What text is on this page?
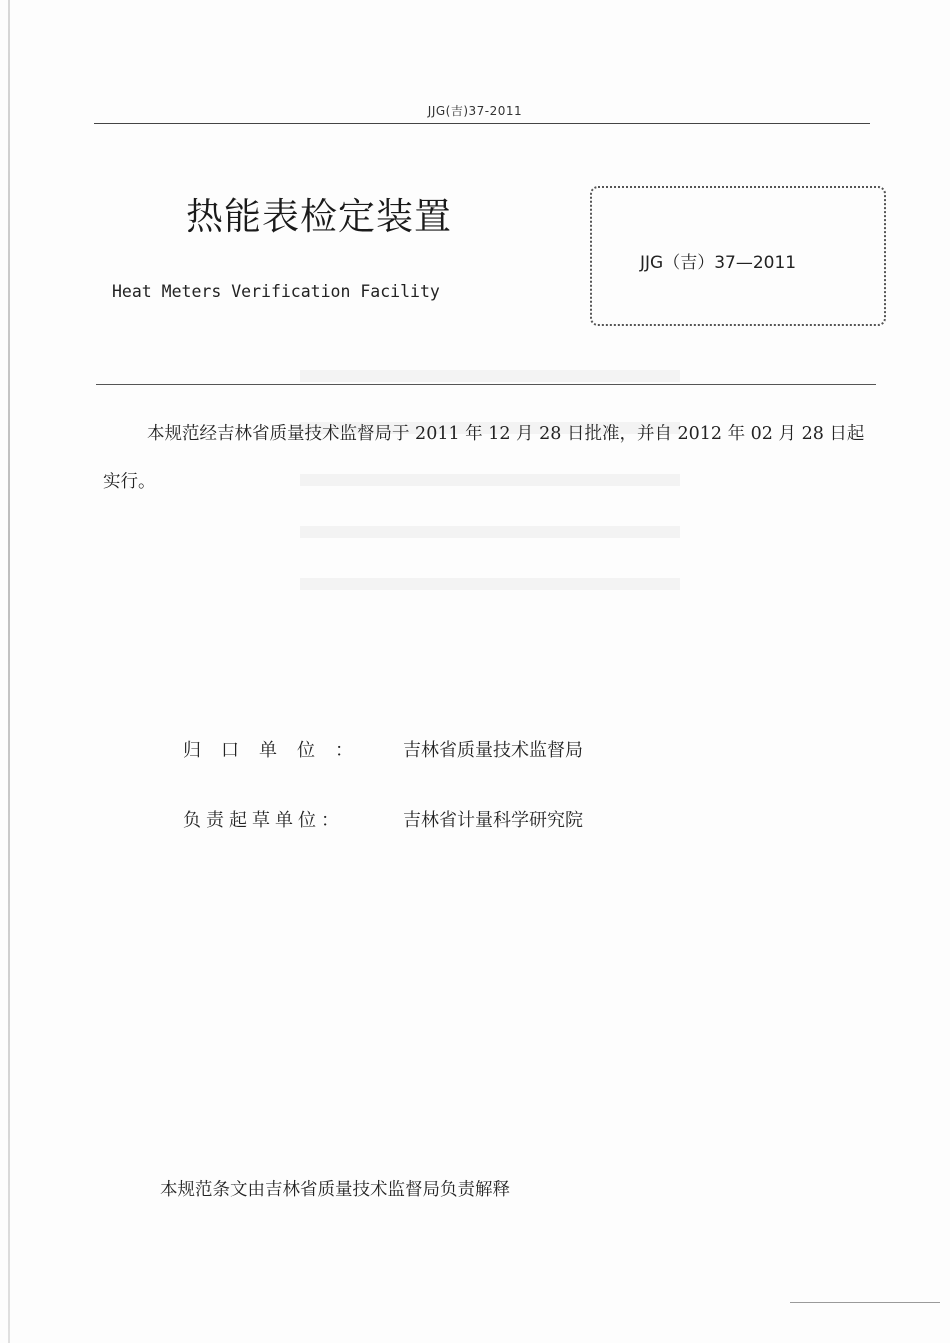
JJG(吉)37-2011
热能表检定装置
Heat Meters Verification Facility
JJG（吉）37—2011
本规范经吉林省质量技术监督局于 2011 年 12 月 28 日批准，并自 2012 年 02 月 28 日起实行。
归口单位：	吉林省质量技术监督局
负责起草单位：	吉林省计量科学研究院
本规范条文由吉林省质量技术监督局负责解释
